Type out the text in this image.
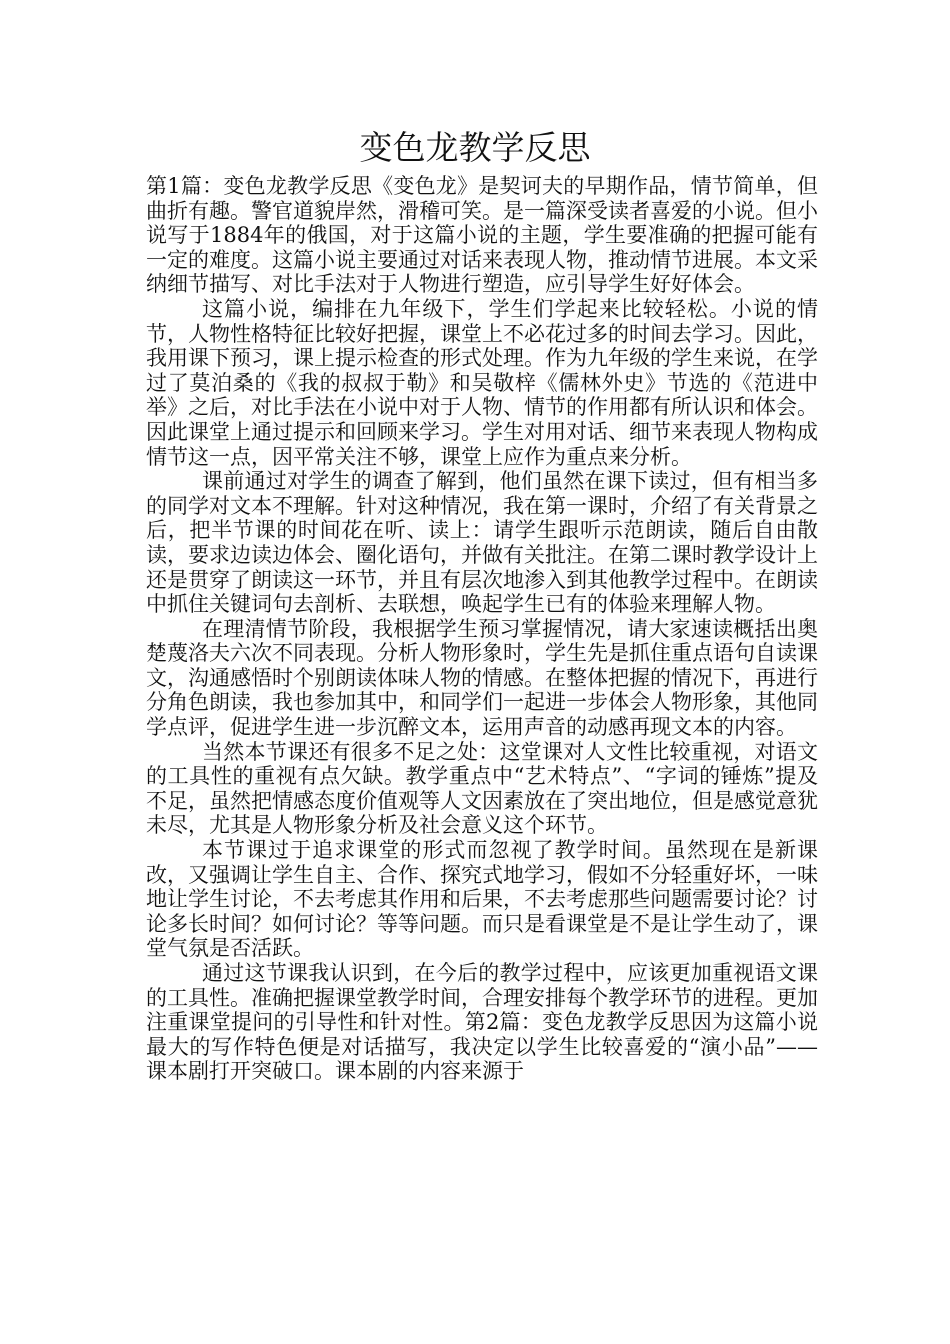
变色龙教学反思

第1篇：变色龙教学反思《变色龙》是契诃夫的早期作品，情节简单，但曲折有趣。警官道貌岸然，滑稽可笑。是一篇深受读者喜爱的小说。但小说写于1884年的俄国，对于这篇小说的主题，学生要准确的把握可能有一定的难度。这篇小说主要通过对话来表现人物，推动情节进展。本文采纳细节描写、对比手法对于人物进行塑造，应引导学生好好体会。

这篇小说，编排在九年级下，学生们学起来比较轻松。小说的情节，人物性格特征比较好把握，课堂上不必花过多的时间去学习。因此，我用课下预习，课上提示检查的形式处理。作为九年级的学生来说，在学过了莫泊桑的《我的叔叔于勒》和吴敬梓《儒林外史》节选的《范进中举》之后，对比手法在小说中对于人物、情节的作用都有所认识和体会。因此课堂上通过提示和回顾来学习。学生对用对话、细节来表现人物构成情节这一点，因平常关注不够，课堂上应作为重点来分析。

课前通过对学生的调查了解到，他们虽然在课下读过，但有相当多的同学对文本不理解。针对这种情况，我在第一课时，介绍了有关背景之后，把半节课的时间花在听、读上：请学生跟听示范朗读，随后自由散读，要求边读边体会、圈化语句，并做有关批注。在第二课时教学设计上还是贯穿了朗读这一环节，并且有层次地渗入到其他教学过程中。在朗读中抓住关键词句去剖析、去联想，唤起学生已有的体验来理解人物。

在理清情节阶段，我根据学生预习掌握情况，请大家速读概括出奥楚蔑洛夫六次不同表现。分析人物形象时，学生先是抓住重点语句自读课文，沟通感悟时个别朗读体味人物的情感。在整体把握的情况下，再进行分角色朗读，我也参加其中，和同学们一起进一步体会人物形象，其他同学点评，促进学生进一步沉醉文本，运用声音的动感再现文本的内容。

当然本节课还有很多不足之处：这堂课对人文性比较重视，对语文的工具性的重视有点欠缺。教学重点中“艺术特点”、“字词的锤炼”提及不足，虽然把情感态度价值观等人文因素放在了突出地位，但是感觉意犹未尽，尤其是人物形象分析及社会意义这个环节。

本节课过于追求课堂的形式而忽视了教学时间。虽然现在是新课改，又强调让学生自主、合作、探究式地学习，假如不分轻重好坏，一味地让学生讨论，不去考虑其作用和后果，不去考虑那些问题需要讨论？讨论多长时间？如何讨论？等等问题。而只是看课堂是不是让学生动了，课堂气氛是否活跃。

通过这节课我认识到，在今后的教学过程中，应该更加重视语文课的工具性。准确把握课堂教学时间，合理安排每个教学环节的进程。更加注重课堂提问的引导性和针对性。第2篇：变色龙教学反思因为这篇小说最大的写作特色便是对话描写，我决定以学生比较喜爱的“演小品”——课本剧打开突破口。课本剧的内容来源于
